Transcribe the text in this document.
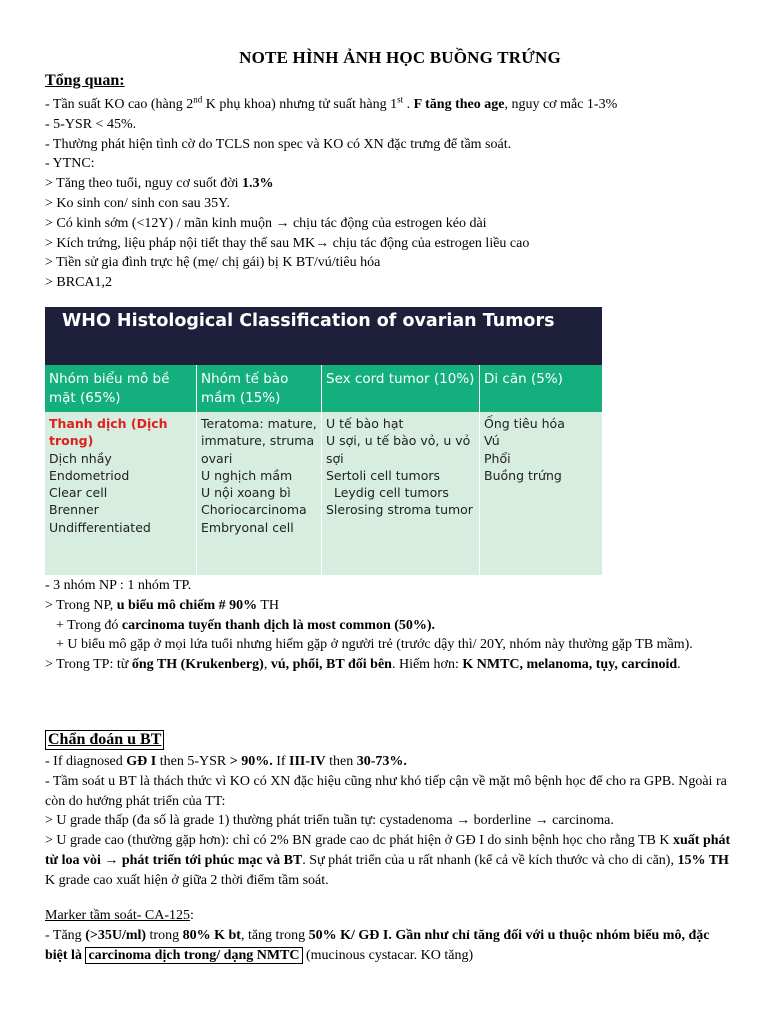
NOTE HÌNH ẢNH HỌC BUỒNG TRỨNG
Tổng quan:
- Tần suất KO cao (hàng 2nd K phụ khoa) nhưng tử suất hàng 1st . F tăng theo age, nguy cơ mắc 1-3%
- 5-YSR < 45%.
- Thường phát hiện tình cờ do TCLS non spec và KO có XN đặc trưng để tầm soát.
- YTNC:
> Tăng theo tuổi, nguy cơ suốt đời 1.3%
> Ko sinh con/ sinh con sau 35Y.
> Có kinh sớm (<12Y) / mãn kinh muộn → chịu tác động của estrogen kéo dài
> Kích trứng, liệu pháp nội tiết thay thế sau MK→ chịu tác động của estrogen liều cao
> Tiền sử gia đình trực hệ (mẹ/ chị gái) bị K BT/vú/tiêu hóa
> BRCA1,2
WHO Histological Classification of ovarian Tumors
Nhóm biểu mô bề mặt (65%)
Nhóm tế bào mầm (15%)
Sex cord tumor (10%) Di căn (5%)
Thanh dịch (Dịch trong)
Dịch nhầy
Endometriod
Clear cell
Brenner
Undifferentiated
Teratoma: mature, immature, struma ovari
U nghịch mầm
U nội xoang bì
Choriocarcinoma
Embryonal cell
U tế bào hạt
U sợi, u tế bào vỏ, u vỏ sợi
Sertoli cell tumors
Leydig cell tumors
Slerosing stroma tumor
Ống tiêu hóa
Vú
Phổi
Buồng trứng
- 3 nhóm NP : 1 nhóm TP.
> Trong NP, u biểu mô chiếm # 90% TH
+ Trong đó carcinoma tuyến thanh dịch là most common (50%).
+ U biểu mô gặp ở mọi lứa tuổi nhưng hiếm gặp ở người trẻ (trước dậy thì/ 20Y, nhóm này thường gặp TB mầm).
> Trong TP: từ ống TH (Krukenberg), vú, phổi, BT đối bên. Hiếm hơn: K NMTC, melanoma, tụy, carcinoid.
Chẩn đoán u BT
- If diagnosed GĐ I then 5-YSR > 90%. If III-IV then 30-73%.
- Tầm soát u BT là thách thức vì KO có XN đặc hiệu cũng như khó tiếp cận về mặt mô bệnh học để cho ra GPB. Ngoài ra còn do hướng phát triển của TT:
> U grade thấp (đa số là grade 1) thường phát triển tuần tự: cystadenoma → borderline → carcinoma.
> U grade cao (thường gặp hơn): chỉ có 2% BN grade cao dc phát hiện ở GĐ I do sinh bệnh học cho rằng TB K xuất phát từ loa vòi → phát triển tới phúc mạc và BT. Sự phát triển của u rất nhanh (kể cả về kích thước và cho di căn), 15% TH K grade cao xuất hiện ở giữa 2 thời điểm tầm soát.
Marker tầm soát- CA-125:
- Tăng (>35U/ml) trong 80% K bt, tăng trong 50% K/ GĐ I. Gần như chỉ tăng đối với u thuộc nhóm biểu mô, đặc biệt là carcinoma dịch trong/ dạng NMTC (mucinous cystacar. KO tăng)
